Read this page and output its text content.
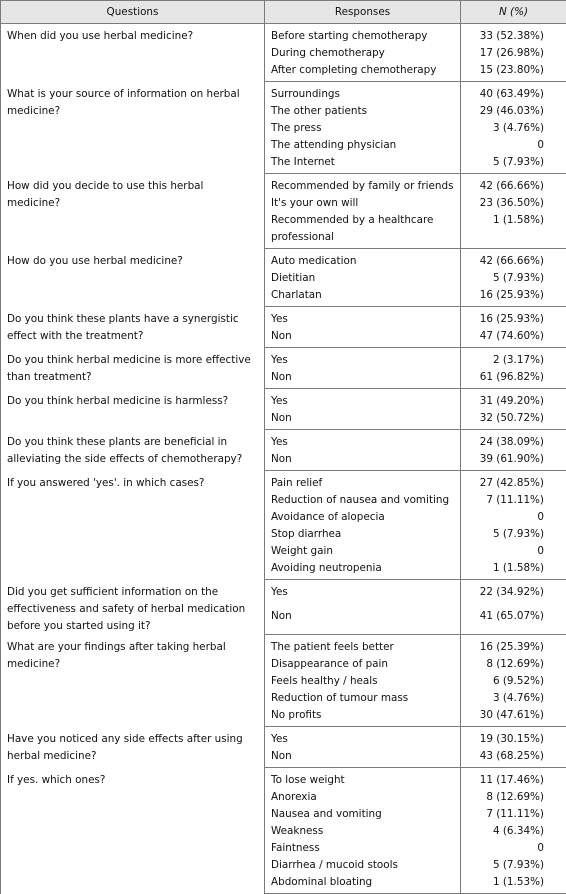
Questions	Responses	N (%)

When did you use herbal medicine?	Before starting chemotherapy	33 (52.38%)
	During chemotherapy	17 (26.98%)
	After completing chemotherapy	15 (23.80%)

What is your source of information on herbal medicine?	Surroundings	40 (63.49%)
	The other patients	29 (46.03%)
	The press	3 (4.76%)
	The attending physician	0
	The Internet	5 (7.93%)

How did you decide to use this herbal medicine?	Recommended by family or friends	42 (66.66%)
	It's your own will	23 (36.50%)
	Recommended by a healthcare professional	1 (1.58%)

How do you use herbal medicine?	Auto medication	42 (66.66%)
	Dietitian	5 (7.93%)
	Charlatan	16 (25.93%)

Do you think these plants have a synergistic effect with the treatment?	Yes	16 (25.93%)
	Non	47 (74.60%)

Do you think herbal medicine is more effective than treatment?	Yes	2 (3.17%)
	Non	61 (96.82%)

Do you think herbal medicine is harmless?	Yes	31 (49.20%)
	Non	32 (50.72%)

Do you think these plants are beneficial in alleviating the side effects of chemotherapy?	Yes	24 (38.09%)
	Non	39 (61.90%)

If you answered 'yes'. in which cases?	Pain relief	27 (42.85%)
	Reduction of nausea and vomiting	7 (11.11%)
	Avoidance of alopecia	0
	Stop diarrhea	5 (7.93%)
	Weight gain	0
	Avoiding neutropenia	1 (1.58%)

Did you get sufficient information on the effectiveness and safety of herbal medication before you started using it?	Yes	22 (34.92%)
	Non	41 (65.07%)

What are your findings after taking herbal medicine?	The patient feels better	16 (25.39%)
	Disappearance of pain	8 (12.69%)
	Feels healthy / heals	6 (9.52%)
	Reduction of tumour mass	3 (4.76%)
	No profits	30 (47.61%)

Have you noticed any side effects after using herbal medicine?	Yes	19 (30.15%)
	Non	43 (68.25%)

If yes. which ones?	To lose weight	11 (17.46%)
	Anorexia	8 (12.69%)
	Nausea and vomiting	7 (11.11%)
	Weakness	4 (6.34%)
	Faintness	0
	Diarrhea / mucoid stools	5 (7.93%)
	Abdominal bloating	1 (1.53%)
